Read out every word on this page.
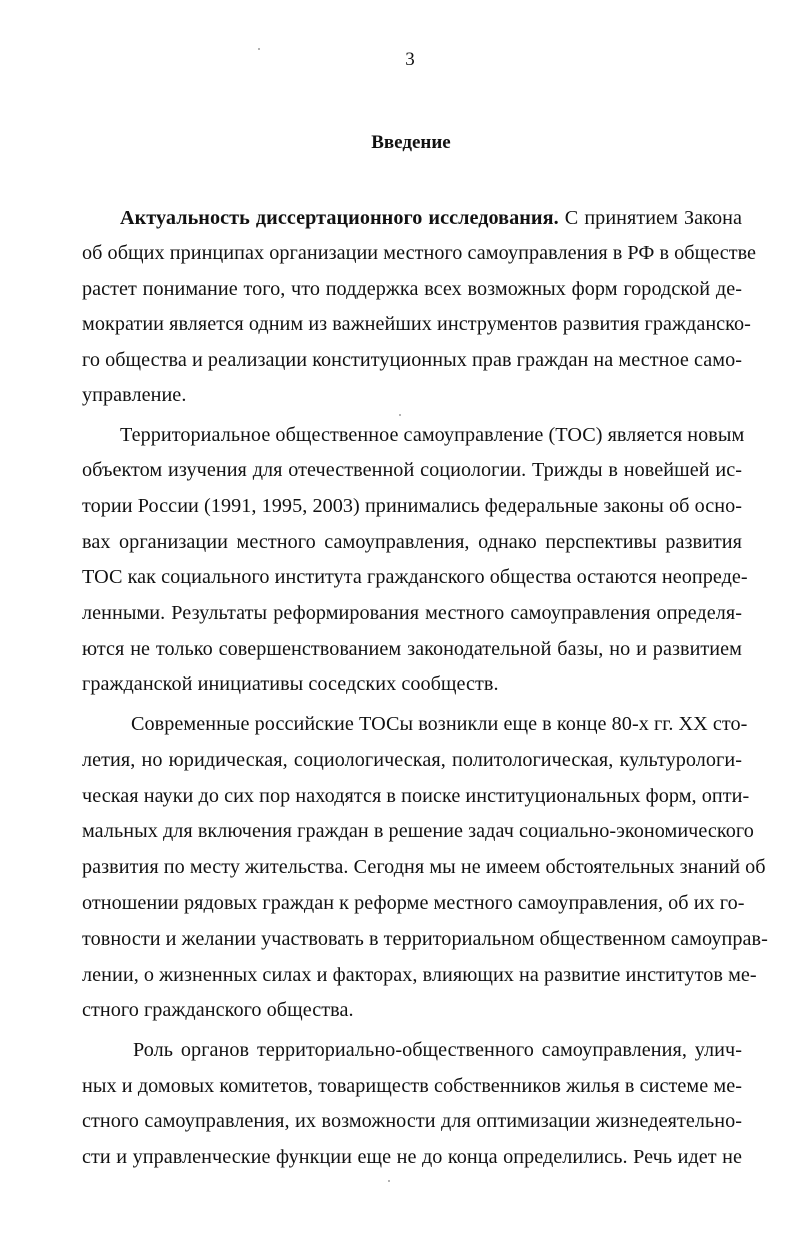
3
Введение
Актуальность диссертационного исследования. С принятием Закона
об общих принципах организации местного самоуправления в РФ в обществе
растет понимание того, что поддержка всех возможных форм городской де-
мократии является одним из важнейших инструментов развития гражданско-
го общества и реализации конституционных прав граждан на местное само-
управление.
Территориальное общественное самоуправление (ТОС) является новым
объектом изучения для отечественной социологии. Трижды в новейшей ис-
тории России (1991, 1995, 2003) принимались федеральные законы об осно-
вах организации местного самоуправления, однако перспективы развития
ТОС как социального института гражданского общества остаются неопреде-
ленными. Результаты реформирования местного самоуправления определя-
ются не только совершенствованием законодательной базы, но и развитием
гражданской инициативы соседских сообществ.
Современные российские ТОСы возникли еще в конце 80-х гг. XX сто-
летия, но юридическая, социологическая, политологическая, культурологи-
ческая науки до сих пор находятся в поиске институциональных форм, опти-
мальных для включения граждан в решение задач социально-экономического
развития по месту жительства. Сегодня мы не имеем обстоятельных знаний об
отношении рядовых граждан к реформе местного самоуправления, об их го-
товности и желании участвовать в территориальном общественном самоуправ-
лении, о жизненных силах и факторах, влияющих на развитие институтов ме-
стного гражданского общества.
Роль органов территориально-общественного самоуправления, улич-
ных и домовых комитетов, товариществ собственников жилья в системе ме-
стного самоуправления, их возможности для оптимизации жизнедеятельно-
сти и управленческие функции еще не до конца определились. Речь идет не
